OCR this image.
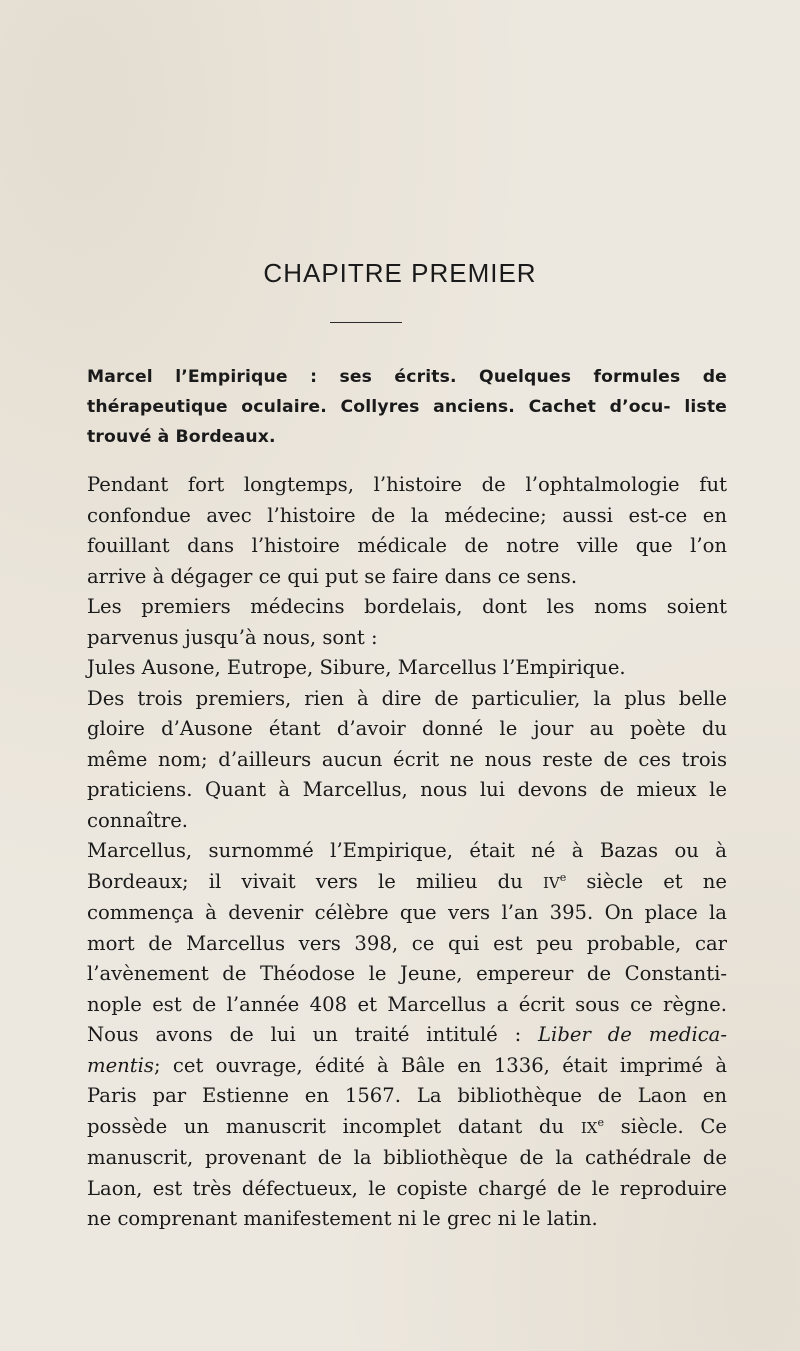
CHAPITRE PREMIER

Marcel l’Empirique : ses écrits. Quelques formules de thérapeutique oculaire. Collyres anciens. Cachet d’ocu- liste trouvé à Bordeaux.

Pendant fort longtemps, l’histoire de l’ophtalmologie fut
confondue avec l’histoire de la médecine; aussi est-ce en
fouillant dans l’histoire médicale de notre ville que l’on
arrive à dégager ce qui put se faire dans ce sens.

Les premiers médecins bordelais, dont les noms soient
parvenus jusqu’à nous, sont :

Jules Ausone, Eutrope, Sibure, Marcellus l’Empirique.

Des trois premiers, rien à dire de particulier, la plus belle
gloire d’Ausone étant d’avoir donné le jour au poète du
même nom; d’ailleurs aucun écrit ne nous reste de ces trois
praticiens. Quant à Marcellus, nous lui devons de mieux le
connaître.

Marcellus, surnommé l’Empirique, était né à Bazas ou à
Bordeaux; il vivait vers le milieu du IVe siècle et ne
commença à devenir célèbre que vers l’an 395. On place la
mort de Marcellus vers 398, ce qui est peu probable, car
l’avènement de Théodose le Jeune, empereur de Constanti-
nople est de l’année 408 et Marcellus a écrit sous ce règne.
Nous avons de lui un traité intitulé : Liber de medica-
mentis; cet ouvrage, édité à Bâle en 1336, était imprimé à
Paris par Estienne en 1567. La bibliothèque de Laon en
possède un manuscrit incomplet datant du IXe siècle. Ce
manuscrit, provenant de la bibliothèque de la cathédrale de
Laon, est très défectueux, le copiste chargé de le reproduire
ne comprenant manifestement ni le grec ni le latin.
